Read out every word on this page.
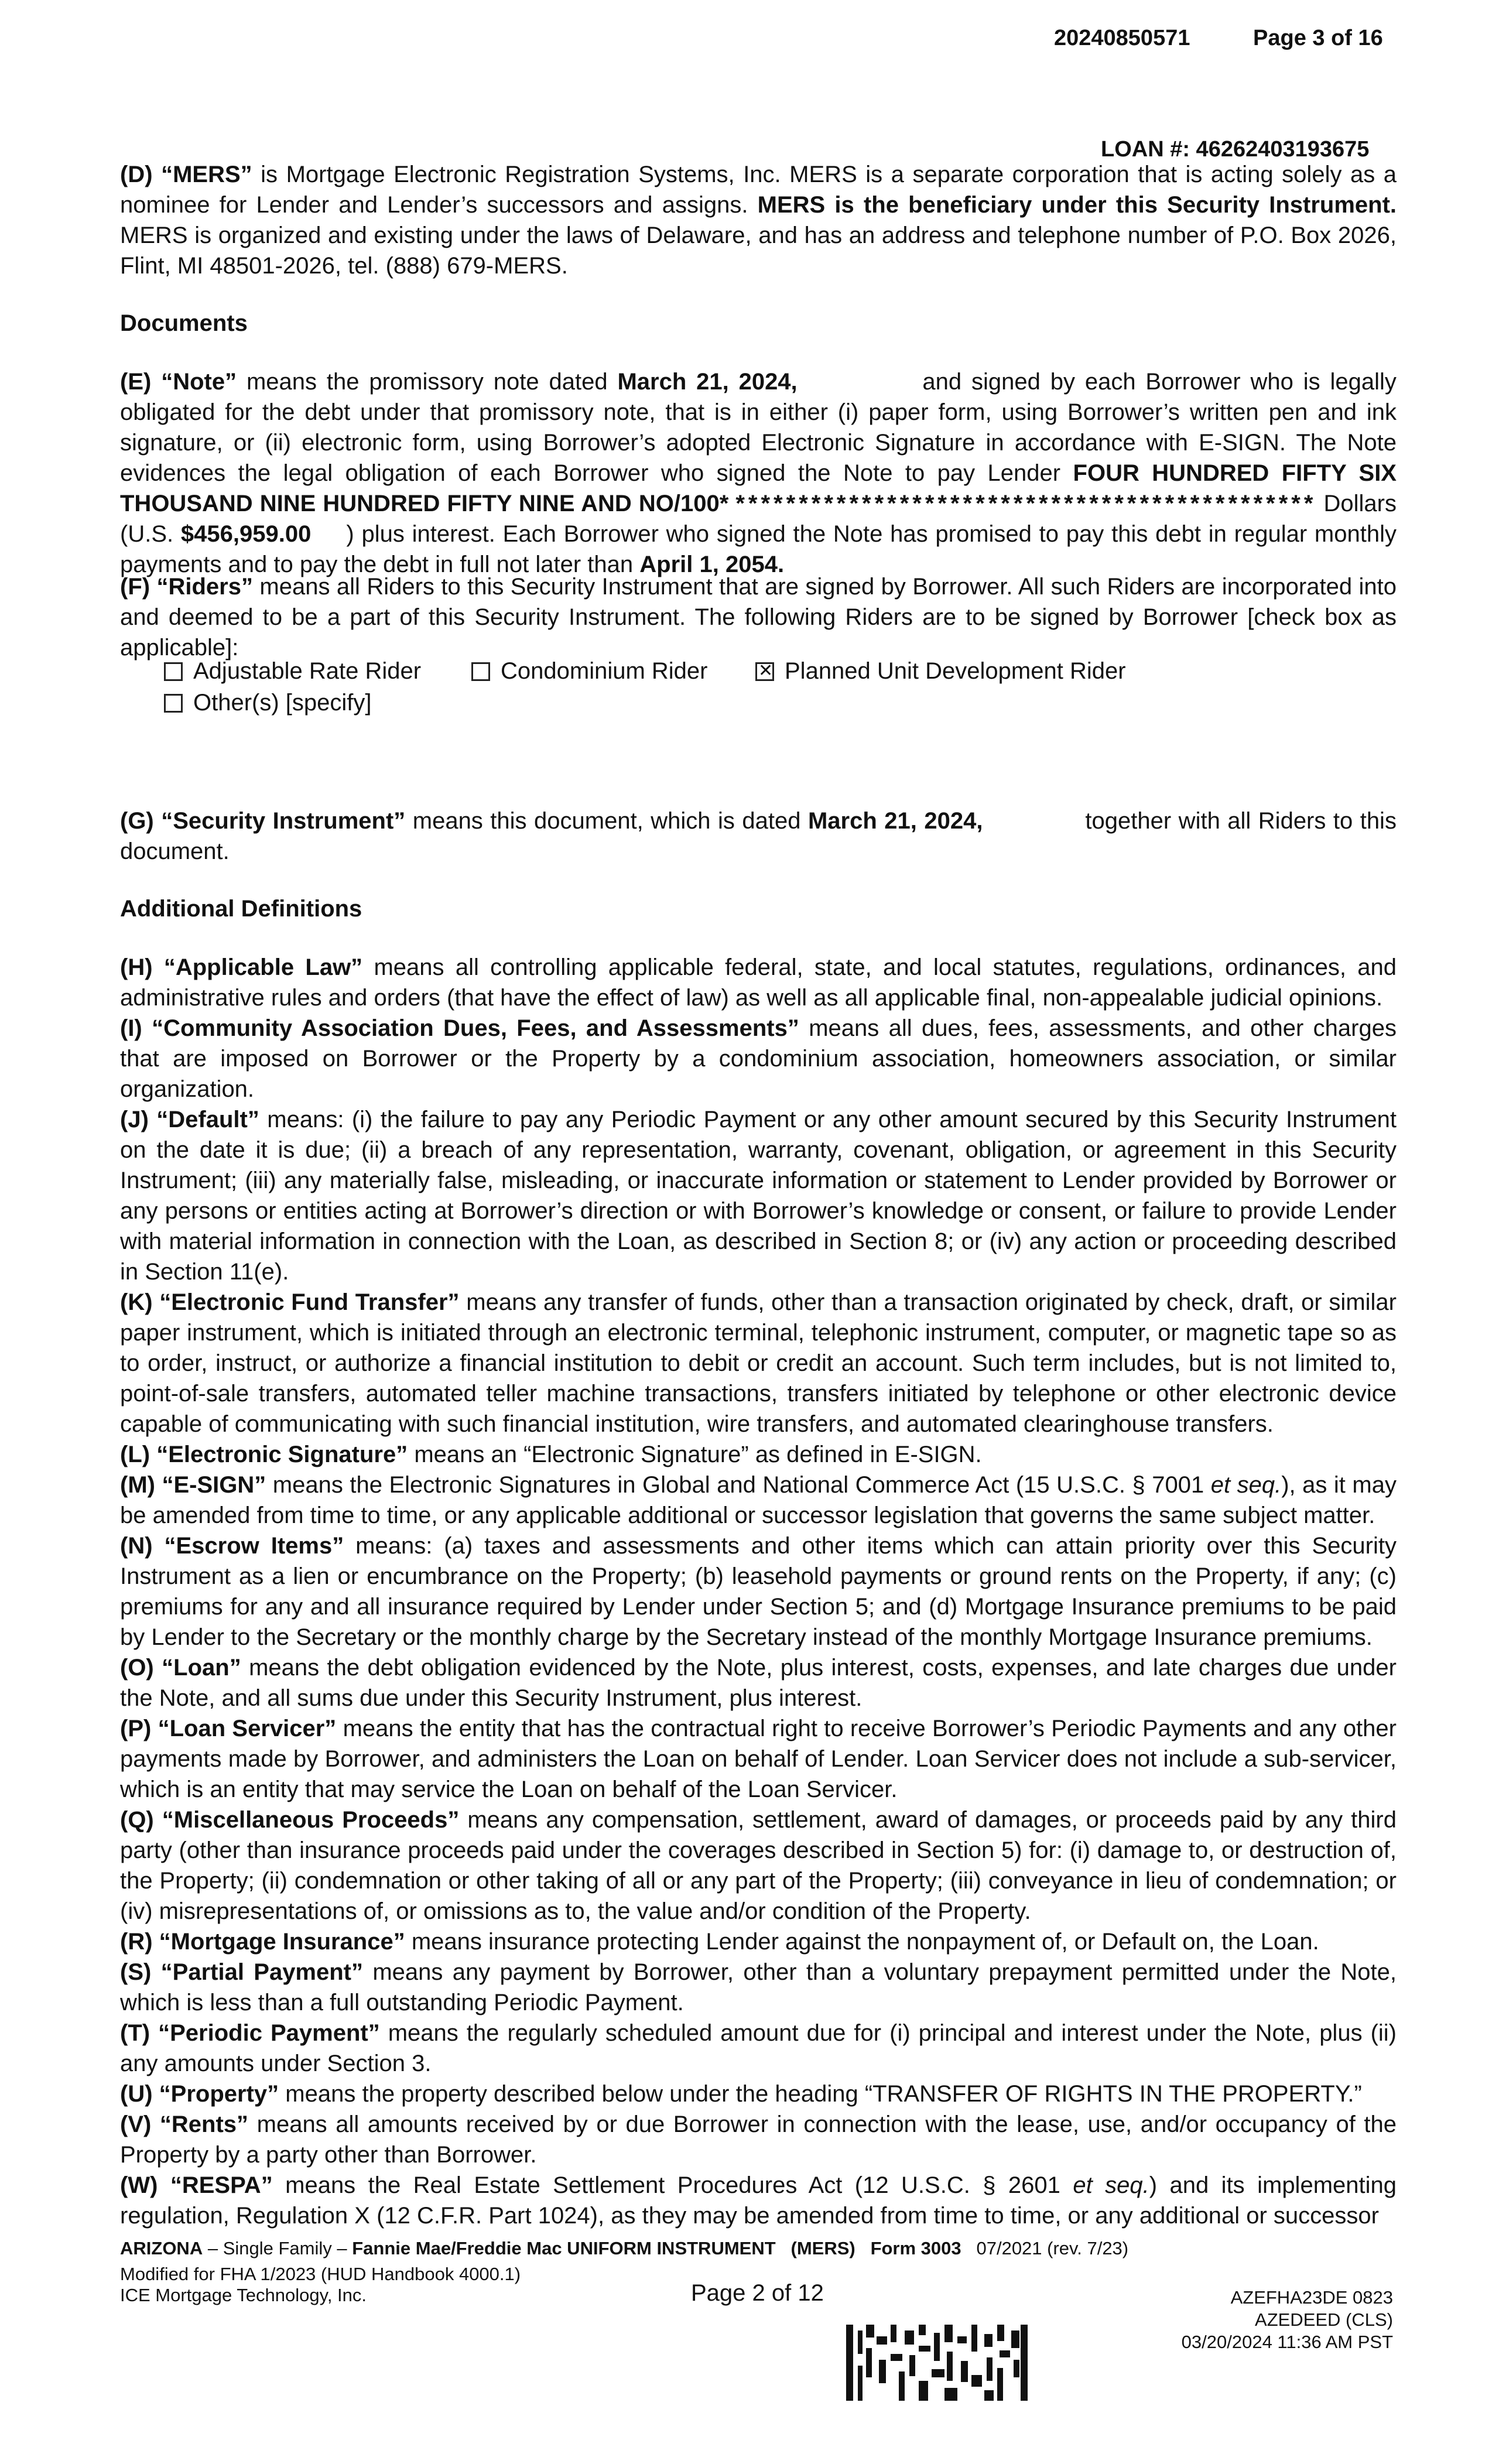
20240850571	Page 3 of 16
LOAN #: 46262403193675
(D) “MERS” is Mortgage Electronic Registration Systems, Inc. MERS is a separate corporation that is acting solely as a nominee for Lender and Lender’s successors and assigns. MERS is the beneficiary under this Security Instrument. MERS is organized and existing under the laws of Delaware, and has an address and telephone number of P.O. Box 2026, Flint, MI 48501-2026, tel. (888) 679-MERS.
Documents
(E) “Note” means the promissory note dated March 21, 2024,	and signed by each Borrower who is legally obligated for the debt under that promissory note, that is in either (i) paper form, using Borrower’s written pen and ink signature, or (ii) electronic form, using Borrower’s adopted Electronic Signature in accordance with E-SIGN. The Note evidences the legal obligation of each Borrower who signed the Note to pay Lender FOUR HUNDRED FIFTY SIX THOUSAND NINE HUNDRED FIFTY NINE AND NO/100* ********************************************** Dollars (U.S. $456,959.00 ) plus interest. Each Borrower who signed the Note has promised to pay this debt in regular monthly payments and to pay the debt in full not later than April 1, 2054.
(F) “Riders” means all Riders to this Security Instrument that are signed by Borrower. All such Riders are incorporated into and deemed to be a part of this Security Instrument. The following Riders are to be signed by Borrower [check box as applicable]:
Adjustable Rate Rider	Condominium Rider
✕	Planned Unit Development Rider
Other(s) [specify]
(G) “Security Instrument” means this document, which is dated March 21, 2024,	together with all Riders to this document.
Additional Definitions
(H) “Applicable Law” means all controlling applicable federal, state, and local statutes, regulations, ordinances, and administrative rules and orders (that have the effect of law) as well as all applicable final, non-appealable judicial opinions.
(I) “Community Association Dues, Fees, and Assessments” means all dues, fees, assessments, and other charges that are imposed on Borrower or the Property by a condominium association, homeowners association, or similar organization.
(J) “Default” means: (i) the failure to pay any Periodic Payment or any other amount secured by this Security Instrument on the date it is due; (ii) a breach of any representation, warranty, covenant, obligation, or agreement in this Security Instrument; (iii) any materially false, misleading, or inaccurate information or statement to Lender provided by Borrower or any persons or entities acting at Borrower’s direction or with Borrower’s knowledge or consent, or failure to provide Lender with material information in connection with the Loan, as described in Section 8; or (iv) any action or proceeding described in Section 11(e).
(K) “Electronic Fund Transfer” means any transfer of funds, other than a transaction originated by check, draft, or similar paper instrument, which is initiated through an electronic terminal, telephonic instrument, computer, or magnetic tape so as to order, instruct, or authorize a financial institution to debit or credit an account. Such term includes, but is not limited to, point-of-sale transfers, automated teller machine transactions, transfers initiated by telephone or other electronic device capable of communicating with such financial institution, wire transfers, and automated clearinghouse transfers.
(L) “Electronic Signature” means an “Electronic Signature” as defined in E-SIGN.
(M) “E-SIGN” means the Electronic Signatures in Global and National Commerce Act (15 U.S.C. § 7001 et seq.), as it may be amended from time to time, or any applicable additional or successor legislation that governs the same subject matter.
(N) “Escrow Items” means: (a) taxes and assessments and other items which can attain priority over this Security Instrument as a lien or encumbrance on the Property; (b) leasehold payments or ground rents on the Property, if any; (c) premiums for any and all insurance required by Lender under Section 5; and (d) Mortgage Insurance premiums to be paid by Lender to the Secretary or the monthly charge by the Secretary instead of the monthly Mortgage Insurance premiums.
(O) “Loan” means the debt obligation evidenced by the Note, plus interest, costs, expenses, and late charges due under the Note, and all sums due under this Security Instrument, plus interest.
(P) “Loan Servicer” means the entity that has the contractual right to receive Borrower’s Periodic Payments and any other payments made by Borrower, and administers the Loan on behalf of Lender. Loan Servicer does not include a sub-servicer, which is an entity that may service the Loan on behalf of the Loan Servicer.
(Q) “Miscellaneous Proceeds” means any compensation, settlement, award of damages, or proceeds paid by any third party (other than insurance proceeds paid under the coverages described in Section 5) for: (i) damage to, or destruction of, the Property; (ii) condemnation or other taking of all or any part of the Property; (iii) conveyance in lieu of condemnation; or (iv) misrepresentations of, or omissions as to, the value and/or condition of the Property.
(R) “Mortgage Insurance” means insurance protecting Lender against the nonpayment of, or Default on, the Loan.
(S) “Partial Payment” means any payment by Borrower, other than a voluntary prepayment permitted under the Note, which is less than a full outstanding Periodic Payment.
(T) “Periodic Payment” means the regularly scheduled amount due for (i) principal and interest under the Note, plus (ii) any amounts under Section 3.
(U) “Property” means the property described below under the heading “TRANSFER OF RIGHTS IN THE PROPERTY.”
(V) “Rents” means all amounts received by or due Borrower in connection with the lease, use, and/or occupancy of the Property by a party other than Borrower.
(W) “RESPA” means the Real Estate Settlement Procedures Act (12 U.S.C. § 2601 et seq.) and its implementing regulation, Regulation X (12 C.F.R. Part 1024), as they may be amended from time to time, or any additional or successor
ARIZONA – Single Family – Fannie Mae/Freddie Mac UNIFORM INSTRUMENT (MERS) Form 3003 07/2021 (rev. 7/23)
Modified for FHA 1/2023 (HUD Handbook 4000.1)
ICE Mortgage Technology, Inc.	Page 2 of 12	AZEFHA23DE 0823
AZEDEED (CLS)
03/20/2024 11:36 AM PST
